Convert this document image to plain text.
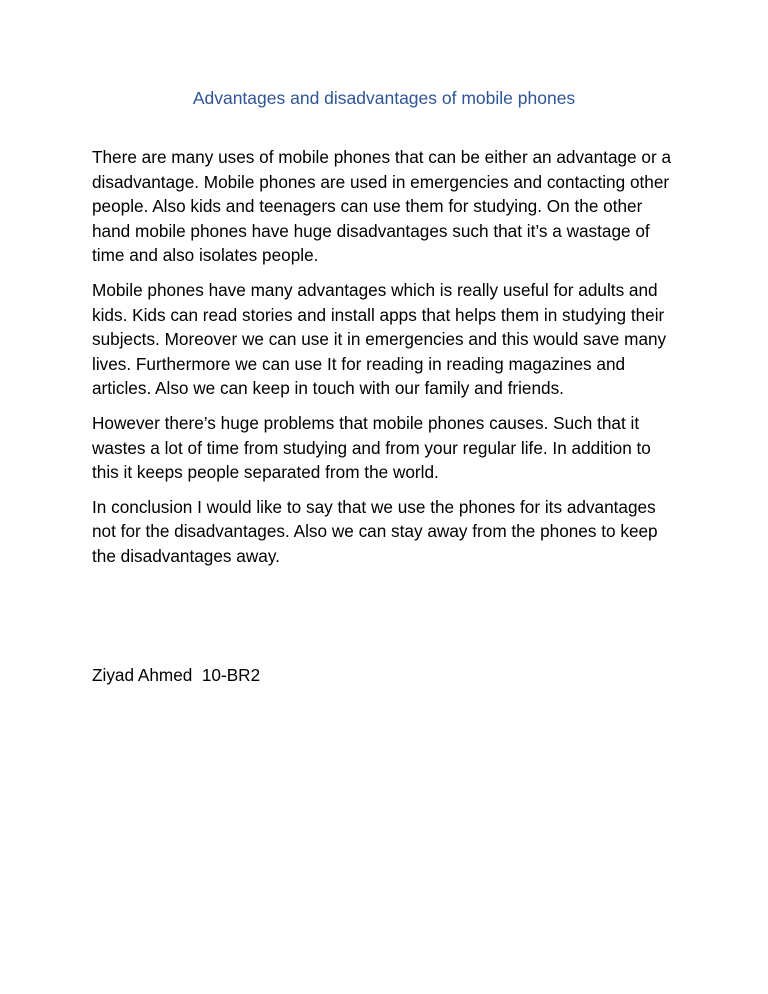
Advantages and disadvantages of mobile phones

There are many uses of mobile phones that can be either an advantage or a disadvantage. Mobile phones are used in emergencies and contacting other people. Also kids and teenagers can use them for studying. On the other hand mobile phones have huge disadvantages such that it’s a wastage of time and also isolates people.

Mobile phones have many advantages which is really useful for adults and kids. Kids can read stories and install apps that helps them in studying their subjects. Moreover we can use it in emergencies and this would save many lives. Furthermore we can use It for reading in reading magazines and articles. Also we can keep in touch with our family and friends.

However there’s huge problems that mobile phones causes. Such that it wastes a lot of time from studying and from your regular life. In addition to this it keeps people separated from the world.

In conclusion I would like to say that we use the phones for its advantages not for the disadvantages. Also we can stay away from the phones to keep the disadvantages away.

Ziyad Ahmed  10-BR2
